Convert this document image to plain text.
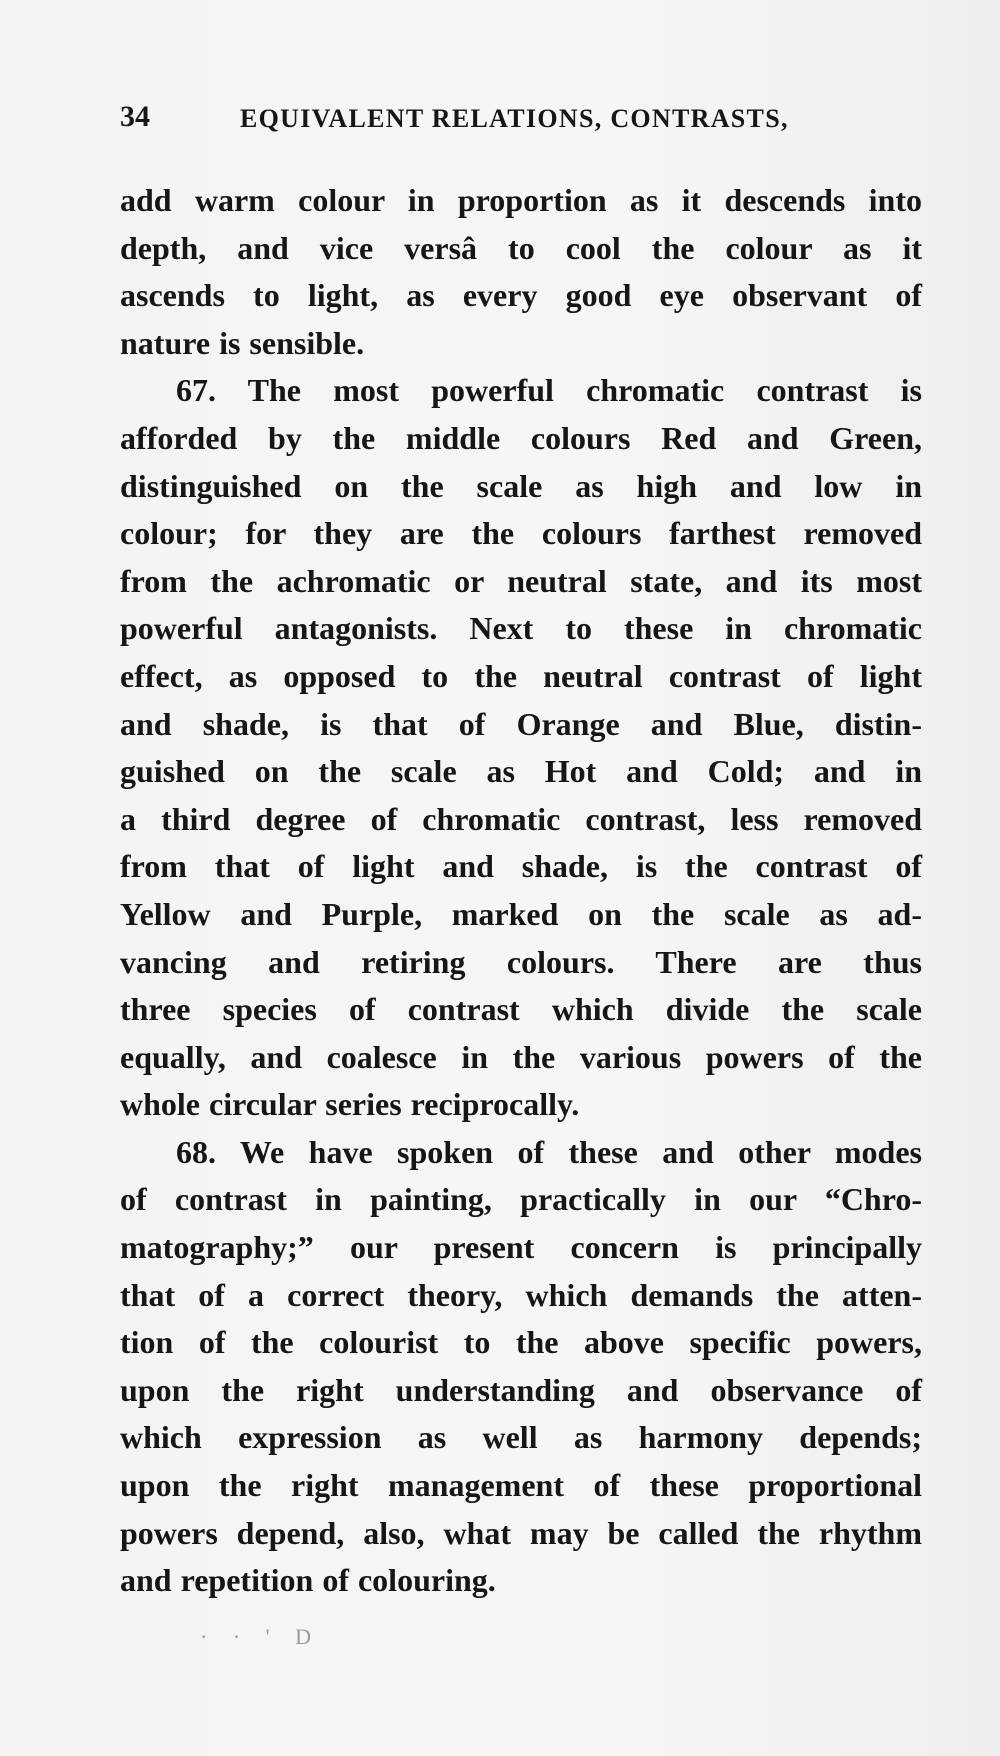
34	EQUIVALENT RELATIONS, CONTRASTS,
add warm colour in proportion as it descends into
depth, and vice versâ to cool the colour as it
ascends to light, as every good eye observant of
nature is sensible.
67. The most powerful chromatic contrast is
afforded by the middle colours Red and Green,
distinguished on the scale as high and low in
colour; for they are the colours farthest removed
from the achromatic or neutral state, and its most
powerful antagonists. Next to these in chromatic
effect, as opposed to the neutral contrast of light
and shade, is that of Orange and Blue, distin-
guished on the scale as Hot and Cold; and in
a third degree of chromatic contrast, less removed
from that of light and shade, is the contrast of
Yellow and Purple, marked on the scale as ad-
vancing and retiring colours. There are thus
three species of contrast which divide the scale
equally, and coalesce in the various powers of the
whole circular series reciprocally.
68. We have spoken of these and other modes
of contrast in painting, practically in our “Chro-
matography;” our present concern is principally
that of a correct theory, which demands the atten-
tion of the colourist to the above specific powers,
upon the right understanding and observance of
which expression as well as harmony depends;
upon the right management of these proportional
powers depend, also, what may be called the rhythm
and repetition of colouring.
· · ' D
